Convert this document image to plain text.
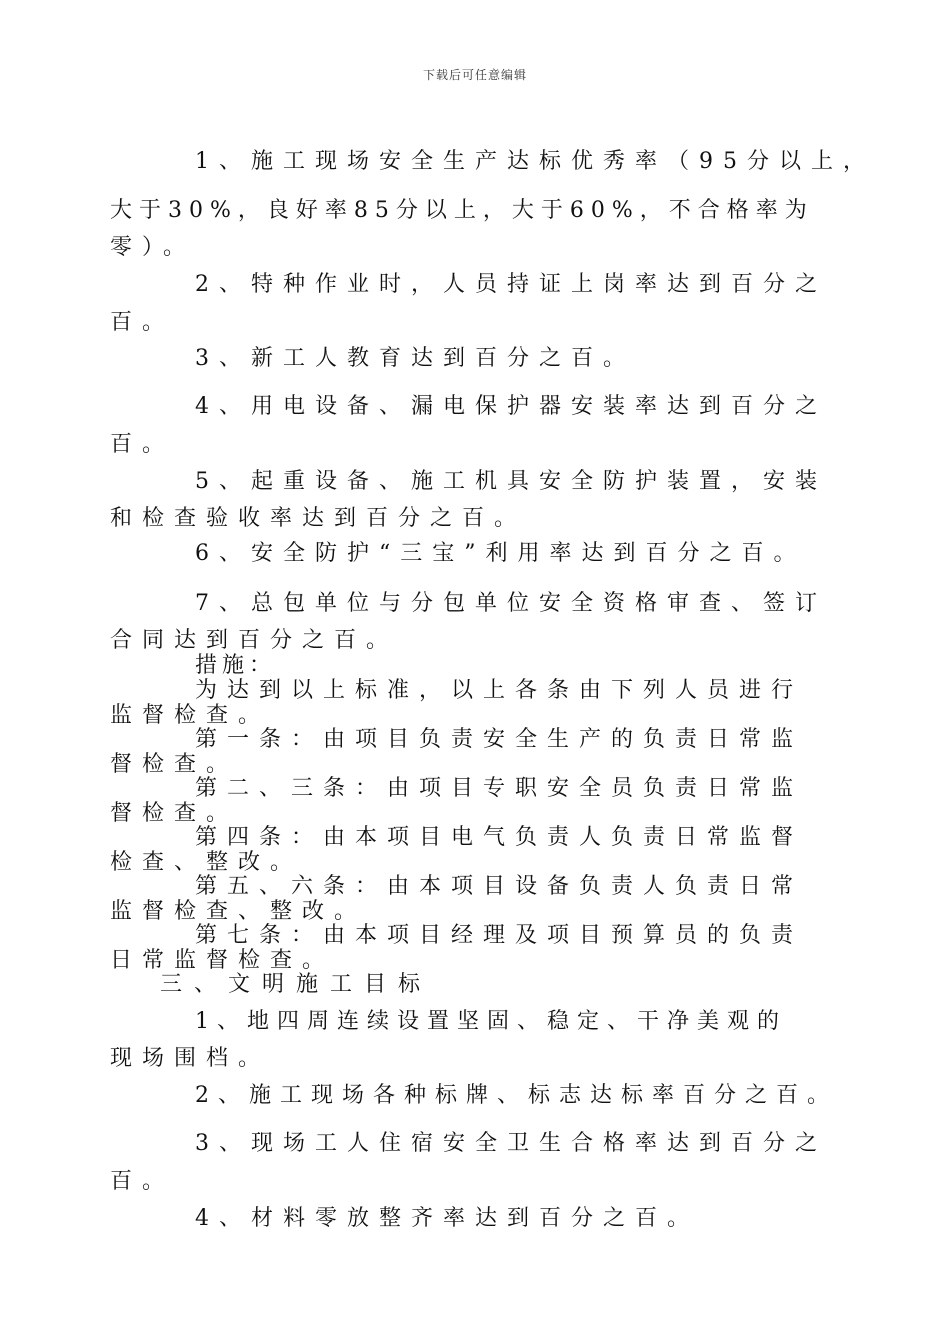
下载后可任意编辑
1、施工现场安全生产达标优秀率（95分以上，
大于30%，良好率85分以上，大于60%，不合格率为
零）。
2、特种作业时，人员持证上岗率达到百分之
百。
3、新工人教育达到百分之百。
4、用电设备、漏电保护器安装率达到百分之
百。
5、起重设备、施工机具安全防护装置，安装
和检查验收率达到百分之百。
6、安全防护“三宝”利用率达到百分之百。
7、总包单位与分包单位安全资格审查、签订
合同达到百分之百。
措施：
为达到以上标准，以上各条由下列人员进行
监督检查。
第一条：由项目负责安全生产的负责日常监
督检查。
第二、三条：由项目专职安全员负责日常监
督检查。
第四条：由本项目电气负责人负责日常监督
检查、整改。
第五、六条：由本项目设备负责人负责日常
监督检查、整改。
第七条：由本项目经理及项目预算员的负责
日常监督检查。
三、文明施工目标
1、地四周连续设置坚固、稳定、干净美观的
现场围档。
2、施工现场各种标牌、标志达标率百分之百。
3、现场工人住宿安全卫生合格率达到百分之
百。
4、材料零放整齐率达到百分之百。
